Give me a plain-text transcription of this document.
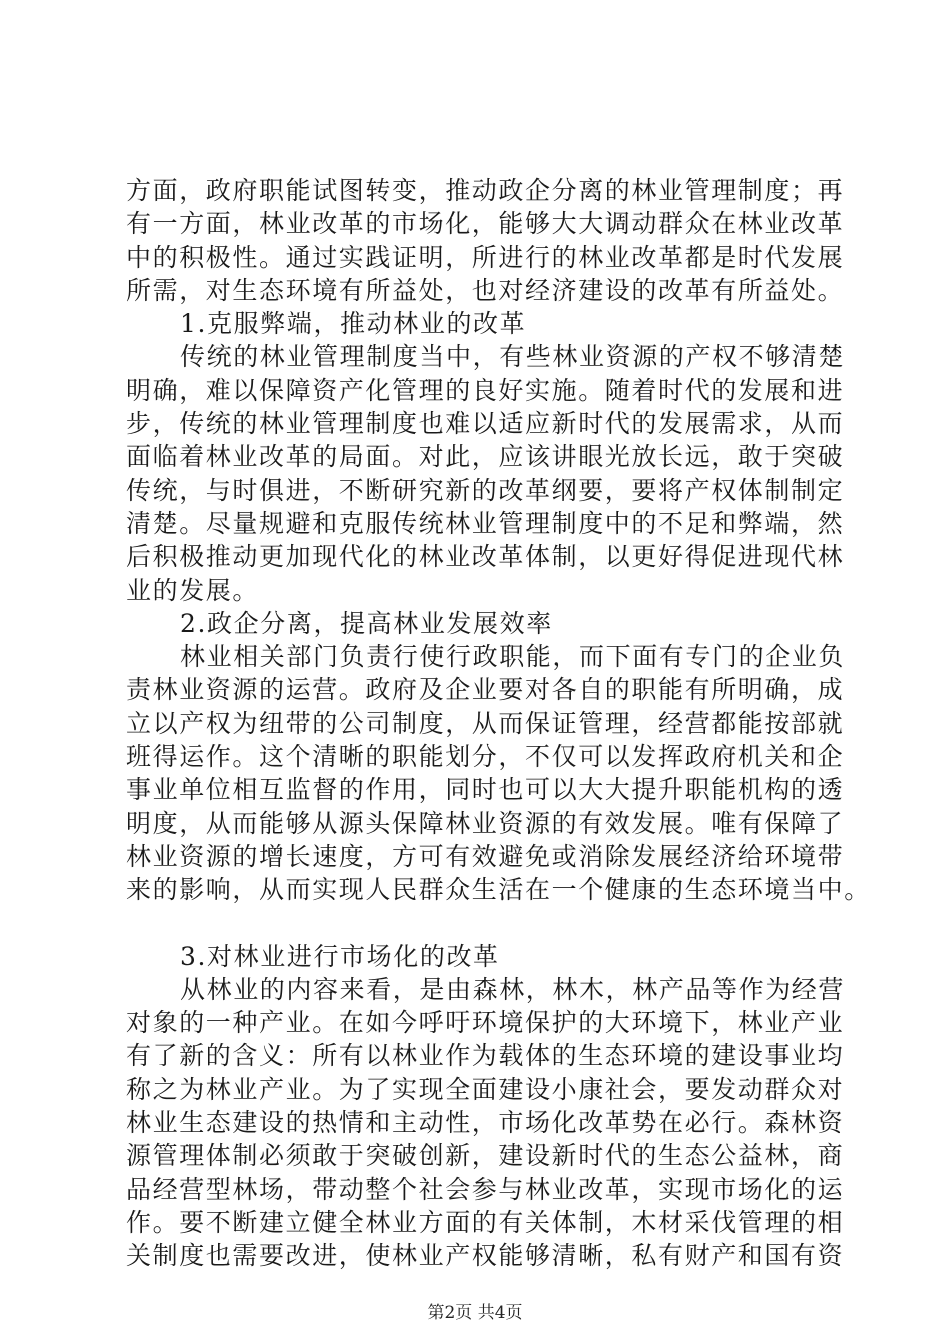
方面，政府职能试图转变，推动政企分离的林业管理制度；再
有一方面，林业改革的市场化，能够大大调动群众在林业改革
中的积极性。通过实践证明，所进行的林业改革都是时代发展
所需，对生态环境有所益处，也对经济建设的改革有所益处。
1.克服弊端，推动林业的改革
传统的林业管理制度当中，有些林业资源的产权不够清楚
明确，难以保障资产化管理的良好实施。随着时代的发展和进
步，传统的林业管理制度也难以适应新时代的发展需求，从而
面临着林业改革的局面。对此，应该讲眼光放长远，敢于突破
传统，与时俱进，不断研究新的改革纲要，要将产权体制制定
清楚。尽量规避和克服传统林业管理制度中的不足和弊端，然
后积极推动更加现代化的林业改革体制，以更好得促进现代林
业的发展。
2.政企分离，提高林业发展效率
林业相关部门负责行使行政职能，而下面有专门的企业负
责林业资源的运营。政府及企业要对各自的职能有所明确，成
立以产权为纽带的公司制度，从而保证管理，经营都能按部就
班得运作。这个清晰的职能划分，不仅可以发挥政府机关和企
事业单位相互监督的作用，同时也可以大大提升职能机构的透
明度，从而能够从源头保障林业资源的有效发展。唯有保障了
林业资源的增长速度，方可有效避免或消除发展经济给环境带
来的影响，从而实现人民群众生活在一个健康的生态环境当中。
3.对林业进行市场化的改革
从林业的内容来看，是由森林，林木，林产品等作为经营
对象的一种产业。在如今呼吁环境保护的大环境下，林业产业
有了新的含义：所有以林业作为载体的生态环境的建设事业均
称之为林业产业。为了实现全面建设小康社会，要发动群众对
林业生态建设的热情和主动性，市场化改革势在必行。森林资
源管理体制必须敢于突破创新，建设新时代的生态公益林，商
品经营型林场，带动整个社会参与林业改革，实现市场化的运
作。要不断建立健全林业方面的有关体制，木材采伐管理的相
关制度也需要改进，使林业产权能够清晰，私有财产和国有资
第2页 共4页
